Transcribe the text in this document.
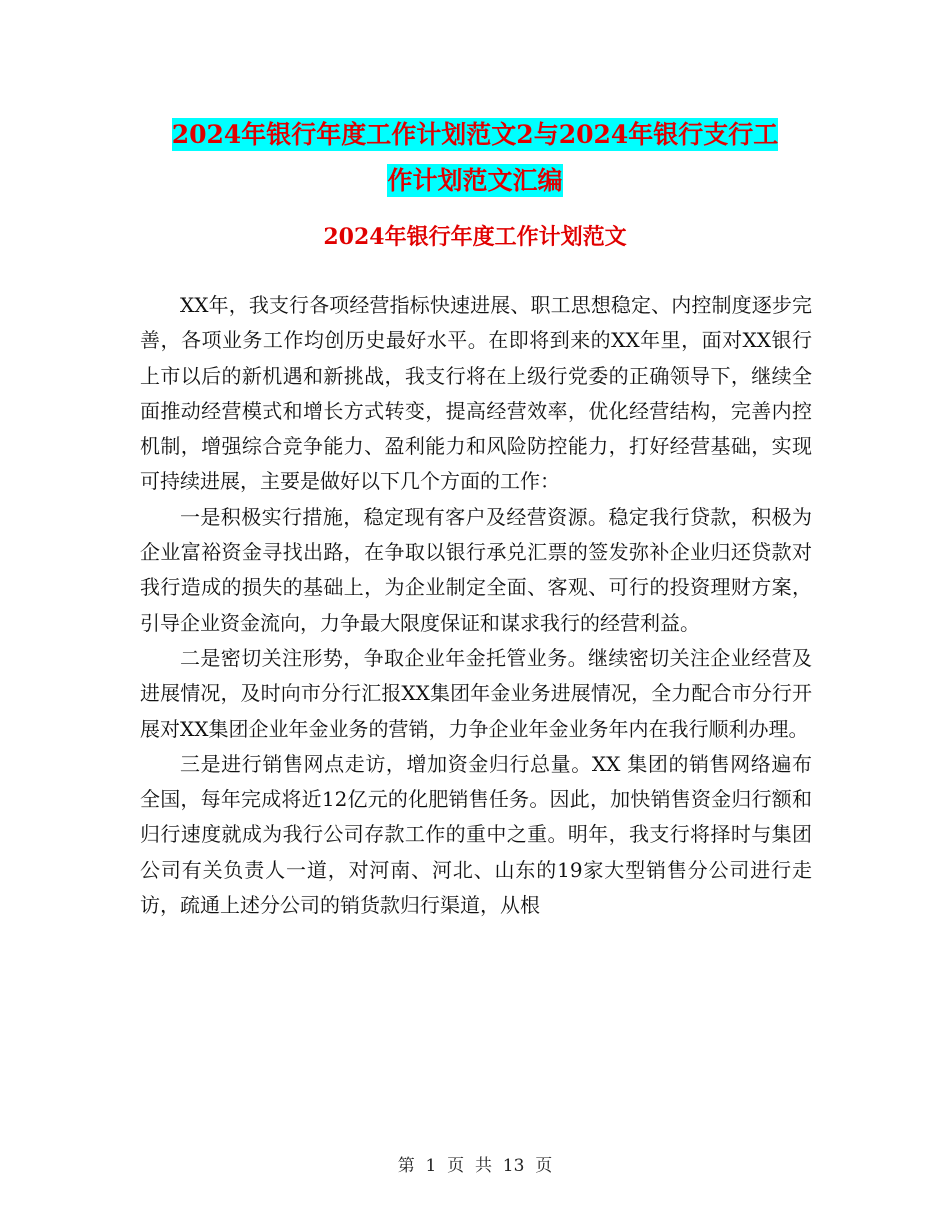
2024年银行年度工作计划范文2与2024年银行支行工
作计划范文汇编
2024年银行年度工作计划范文

XX年，我支行各项经营指标快速进展、职工思想稳定、内控制度逐步完善，各项业务工作均创历史最好水平。在即将到来的XX年里，面对XX银行上市以后的新机遇和新挑战，我支行将在上级行党委的正确领导下，继续全面推动经营模式和增长方式转变，提高经营效率，优化经营结构，完善内控机制，增强综合竞争能力、盈利能力和风险防控能力，打好经营基础，实现可持续进展，主要是做好以下几个方面的工作：

一是积极实行措施，稳定现有客户及经营资源。稳定我行贷款，积极为企业富裕资金寻找出路，在争取以银行承兑汇票的签发弥补企业归还贷款对我行造成的损失的基础上，为企业制定全面、客观、可行的投资理财方案，引导企业资金流向，力争最大限度保证和谋求我行的经营利益。

二是密切关注形势，争取企业年金托管业务。继续密切关注企业经营及进展情况，及时向市分行汇报XX集团年金业务进展情况，全力配合市分行开展对XX集团企业年金业务的营销，力争企业年金业务年内在我行顺利办理。

三是进行销售网点走访，增加资金归行总量。XX 集团的销售网络遍布全国，每年完成将近12亿元的化肥销售任务。因此，加快销售资金归行额和归行速度就成为我行公司存款工作的重中之重。明年，我支行将择时与集团公司有关负责人一道，对河南、河北、山东的19家大型销售分公司进行走访，疏通上述分公司的销货款归行渠道，从根

第  1  页  共  13  页
